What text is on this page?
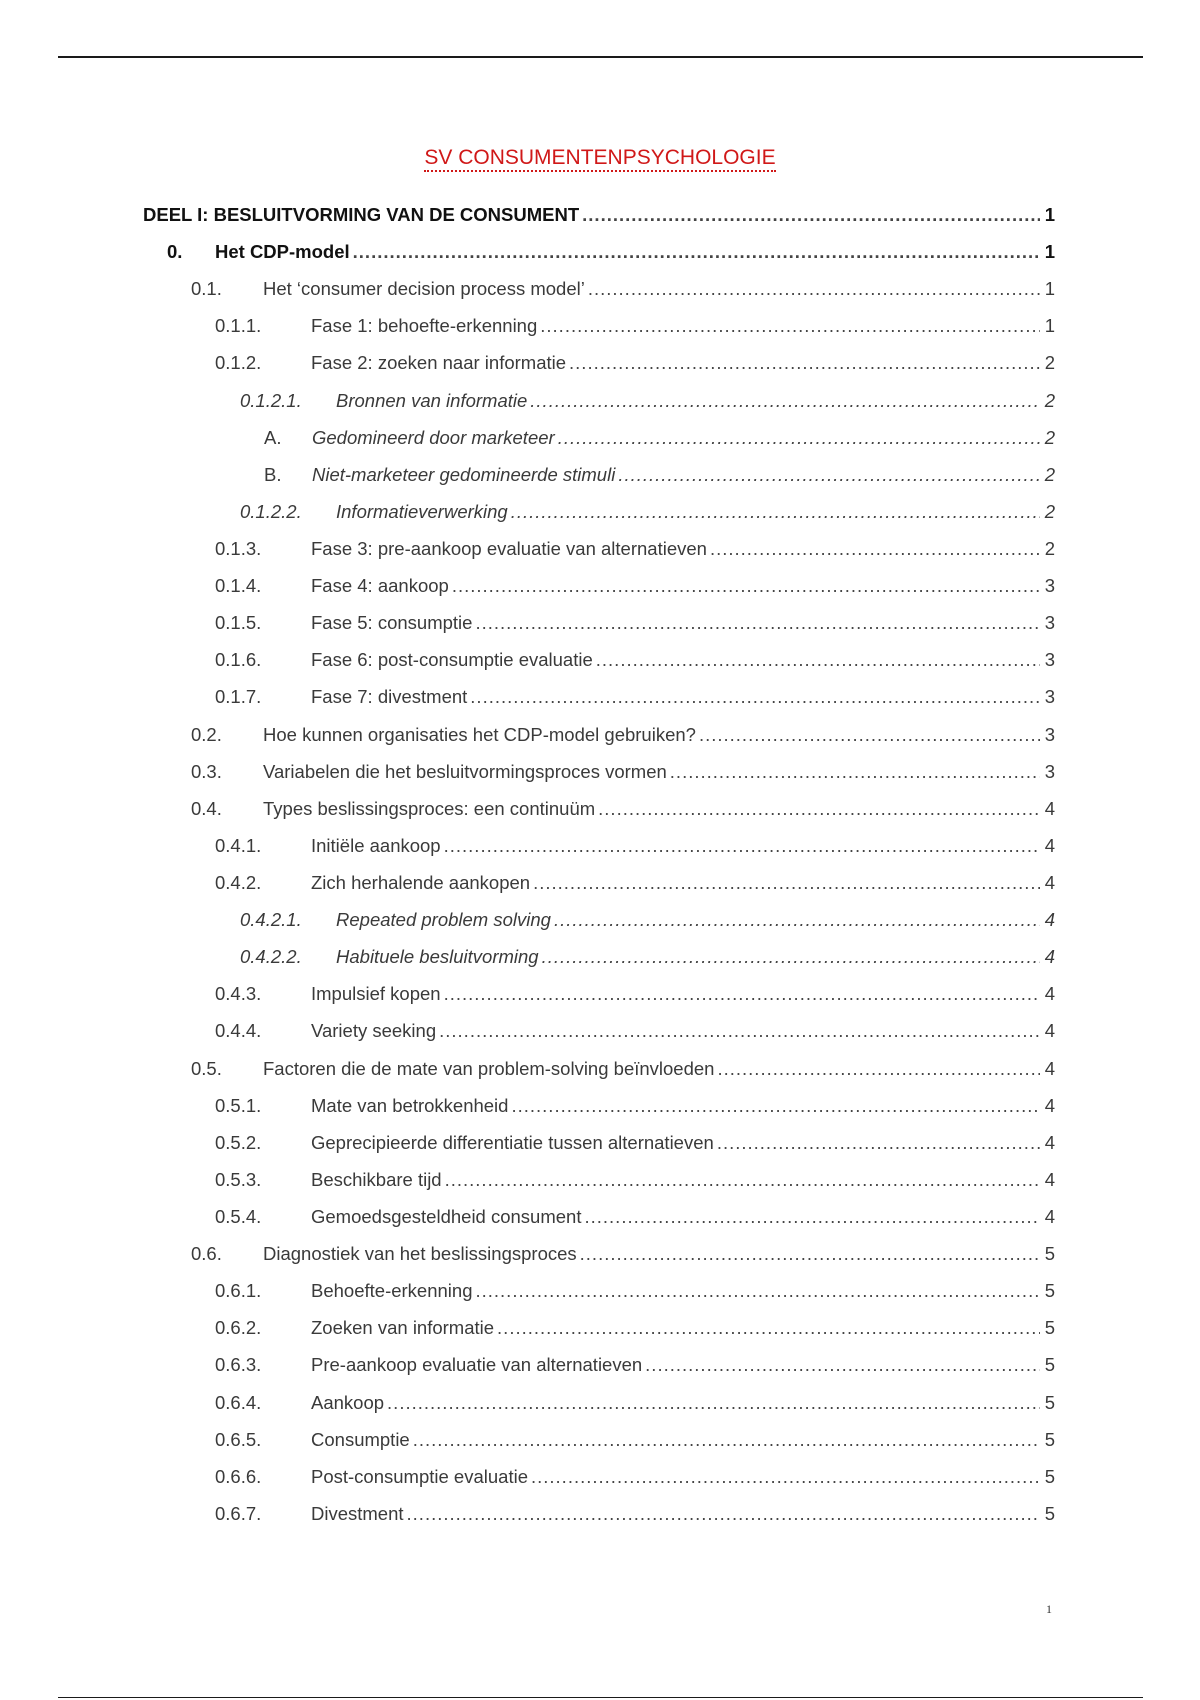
SV CONSUMENTENPSYCHOLOGIE
DEEL I: BESLUITVORMING VAN DE CONSUMENT .....	1
0.	Het CDP-model .....	1
0.1.	Het ‘consumer decision process model’ .....	1
0.1.1.	Fase 1: behoefte-erkenning .....	1
0.1.2.	Fase 2: zoeken naar informatie .....	2
0.1.2.1.	Bronnen van informatie .....	2
A.	Gedomineerd door marketeer .....	2
B.	Niet-marketeer gedomineerde stimuli .....	2
0.1.2.2.	Informatieverwerking .....	2
0.1.3.	Fase 3: pre-aankoop evaluatie van alternatieven .....	2
0.1.4.	Fase 4: aankoop .....	3
0.1.5.	Fase 5: consumptie .....	3
0.1.6.	Fase 6: post-consumptie evaluatie .....	3
0.1.7.	Fase 7: divestment .....	3
0.2.	Hoe kunnen organisaties het CDP-model gebruiken? .....	3
0.3.	Variabelen die het besluitvormingsproces vormen .....	3
0.4.	Types beslissingsproces: een continuüm .....	4
0.4.1.	Initiële aankoop .....	4
0.4.2.	Zich herhalende aankopen .....	4
0.4.2.1.	Repeated problem solving .....	4
0.4.2.2.	Habituele besluitvorming .....	4
0.4.3.	Impulsief kopen .....	4
0.4.4.	Variety seeking .....	4
0.5.	Factoren die de mate van problem-solving beïnvloeden .....	4
0.5.1.	Mate van betrokkenheid .....	4
0.5.2.	Geprecipieerde differentiatie tussen alternatieven .....	4
0.5.3.	Beschikbare tijd .....	4
0.5.4.	Gemoedsgesteldheid consument .....	4
0.6.	Diagnostiek van het beslissingsproces .....	5
0.6.1.	Behoefte-erkenning .....	5
0.6.2.	Zoeken van informatie .....	5
0.6.3.	Pre-aankoop evaluatie van alternatieven .....	5
0.6.4.	Aankoop .....	5
0.6.5.	Consumptie .....	5
0.6.6.	Post-consumptie evaluatie .....	5
0.6.7.	Divestment .....	5
1
